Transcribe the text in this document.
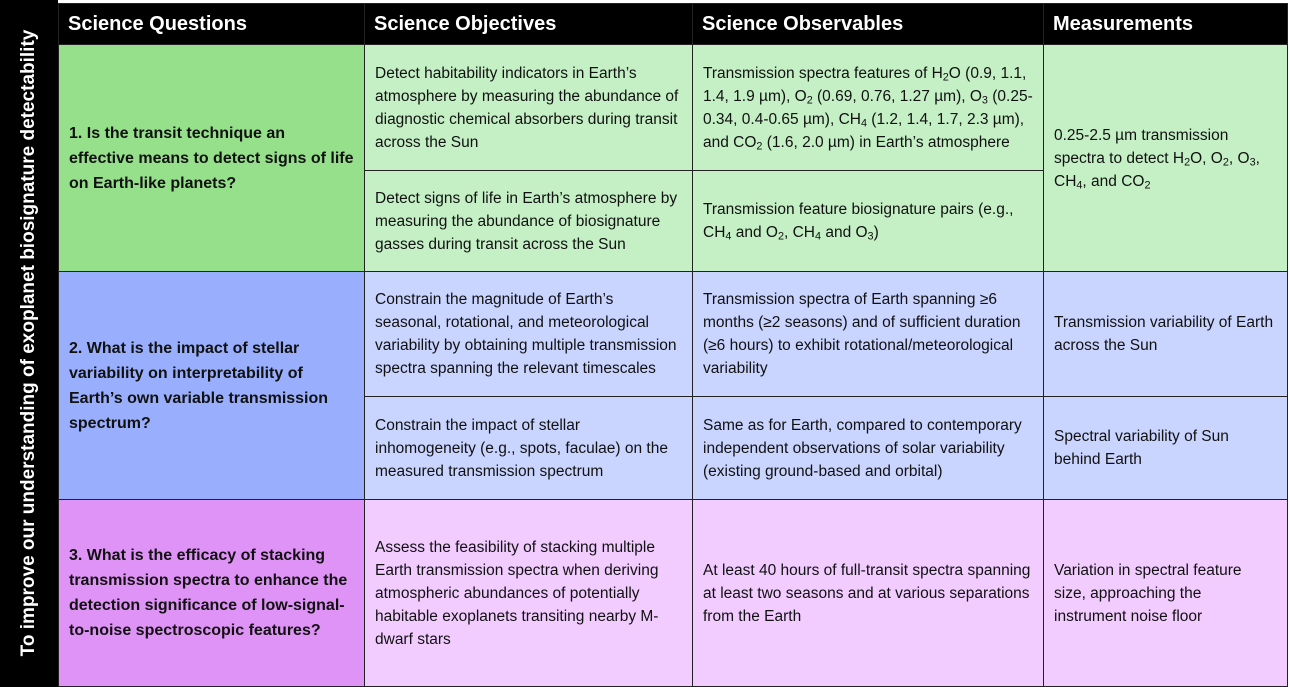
To improve our understanding of exoplanet biosignature detectability
Science Questions	Science Objectives	Science Observables	Measurements
1. Is the transit technique an effective means to detect signs of life on Earth-like planets?	Detect habitability indicators in Earth’s atmosphere by measuring the abundance of diagnostic chemical absorbers during transit across the Sun	Transmission spectra features of $H_2O$ (0.9, 1.1, 1.4, 1.9 µm), $O_2$ (0.69, 0.76, 1.27 µm), $O_3$ (0.25-0.34, 0.4-0.65 µm), $CH_4$ (1.2, 1.4, 1.7, 2.3 µm), and $CO_2$ (1.6, 2.0 µm) in Earth’s atmosphere	0.25-2.5 µm transmission spectra to detect $H_2O$, $O_2$, $O_3$, $CH_4$, and $CO_2$
	Detect signs of life in Earth’s atmosphere by measuring the abundance of biosignature gasses during transit across the Sun	Transmission feature biosignature pairs (e.g., $CH_4$ and $O_2$, $CH_4$ and $O_3$)	
2. What is the impact of stellar variability on interpretability of Earth’s own variable transmission spectrum?	Constrain the magnitude of Earth’s seasonal, rotational, and meteorological variability by obtaining multiple transmission spectra spanning the relevant timescales	Transmission spectra of Earth spanning ≥6 months (≥2 seasons) and of sufficient duration (≥6 hours) to exhibit rotational/meteorological variability	Transmission variability of Earth across the Sun
	Constrain the impact of stellar inhomogeneity (e.g., spots, faculae) on the measured transmission spectrum	Same as for Earth, compared to contemporary independent observations of solar variability (existing ground-based and orbital)	Spectral variability of Sun behind Earth
3. What is the efficacy of stacking transmission spectra to enhance the detection significance of low-signal-to-noise spectroscopic features?	Assess the feasibility of stacking multiple Earth transmission spectra when deriving atmospheric abundances of potentially habitable exoplanets transiting nearby M-dwarf stars	At least 40 hours of full-transit spectra spanning at least two seasons and at various separations from the Earth	Variation in spectral feature size, approaching the instrument noise floor
